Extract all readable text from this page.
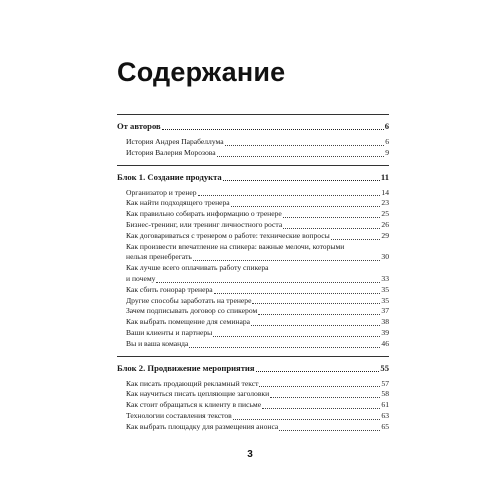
Содержание
От авторов	6
История Андрея Парабеллума	6
История Валерия Морозова	9
Блок 1. Создание продукта	11
Организатор и тренер	14
Как найти подходящего тренера	23
Как правильно собирать информацию о тренере	25
Бизнес-тренинг, или тренинг личностного роста	26
Как договариваться с тренером о работе: технические вопросы	29
Как произвести впечатление на спикера: важные мелочи, которыми
нельзя пренебрегать	30
Как лучше всего оплачивать работу спикера
и почему	33
Как сбить гонорар тренера	35
Другие способы заработать на тренере	35
Зачем подписывать договор со спикером	37
Как выбрать помещение для семинара	38
Ваши клиенты и партнеры	39
Вы и ваша команда	46
Блок 2. Продвижение мероприятия	55
Как писать продающий рекламный текст	57
Как научиться писать цепляющие заголовки	58
Как стоит обращаться к клиенту в письме	61
Технологии составления текстов	63
Как выбрать площадку для размещения анонса	65
3
